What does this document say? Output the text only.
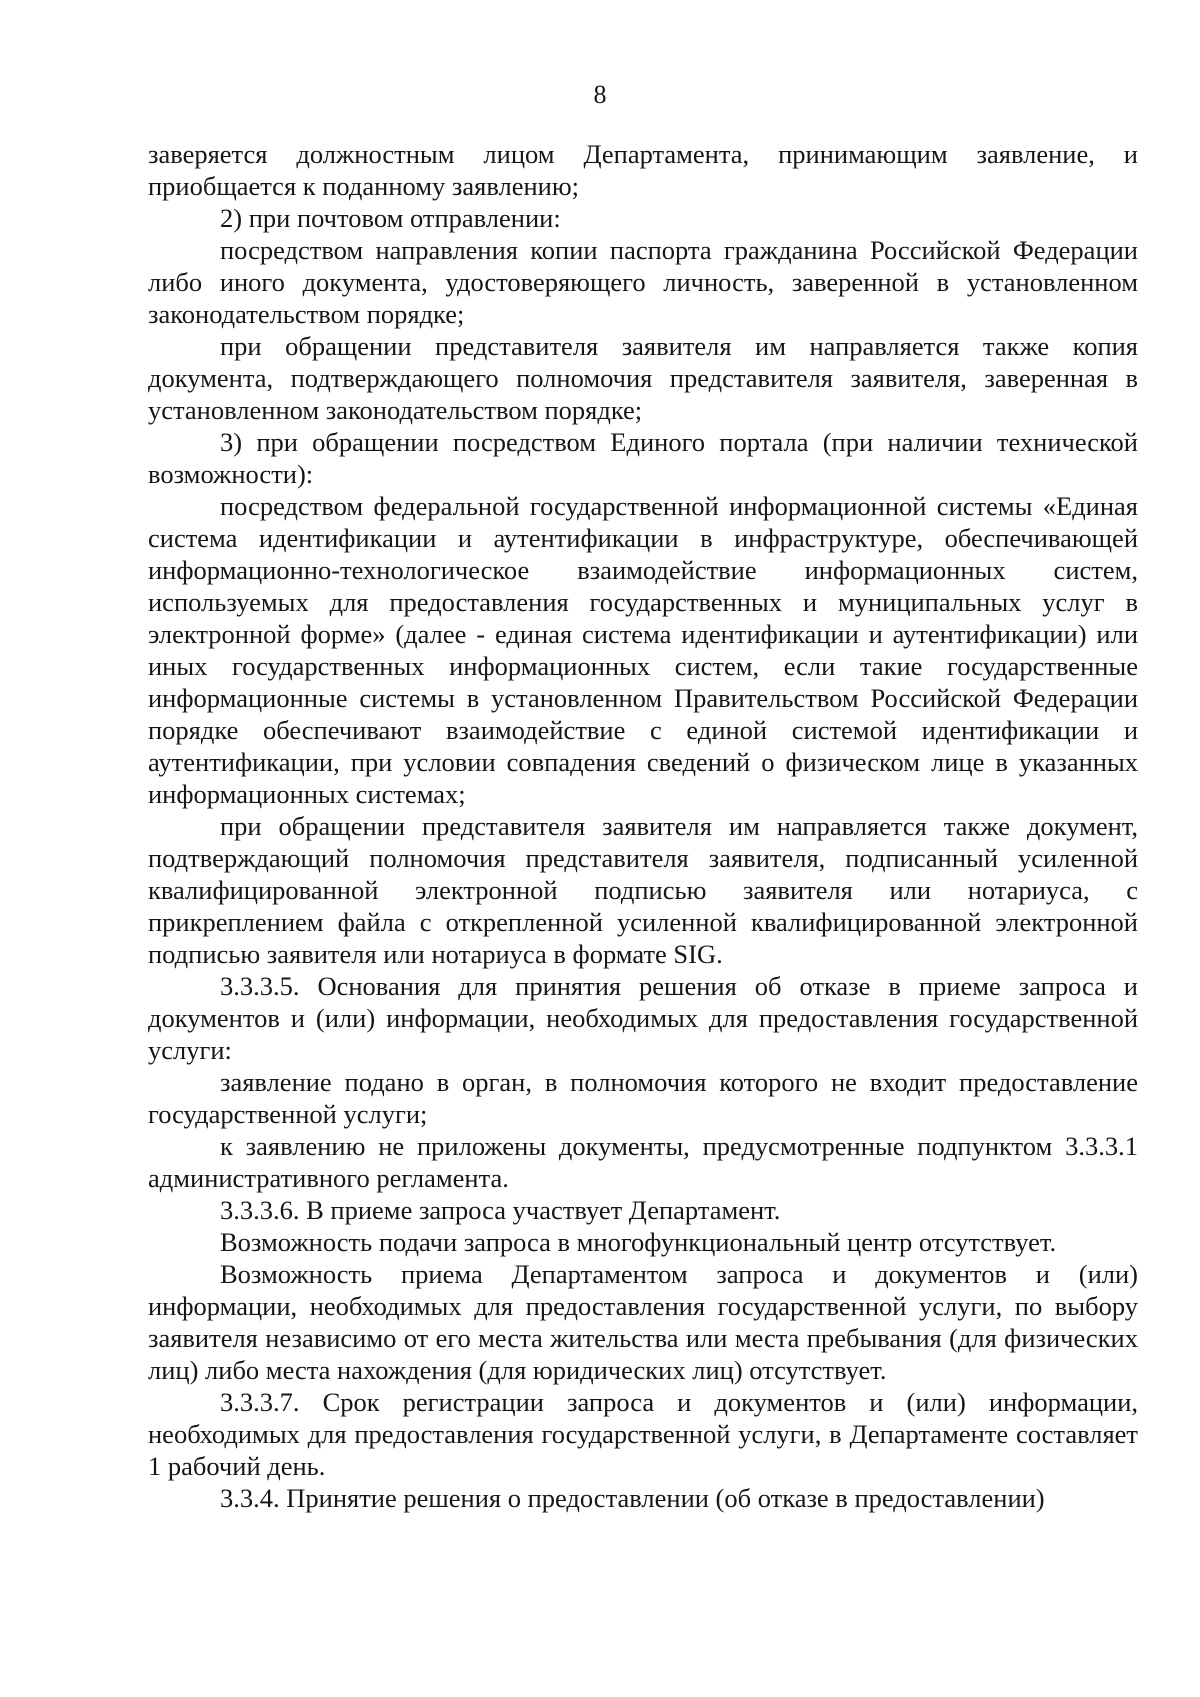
8

заверяется должностным лицом Департамента, принимающим заявление, и приобщается к поданному заявлению;

2) при почтовом отправлении:

посредством направления копии паспорта гражданина Российской Федерации либо иного документа, удостоверяющего личность, заверенной в установленном законодательством порядке;

при обращении представителя заявителя им направляется также копия документа, подтверждающего полномочия представителя заявителя, заверенная в установленном законодательством порядке;

3) при обращении посредством Единого портала (при наличии технической возможности):

посредством федеральной государственной информационной системы «Единая система идентификации и аутентификации в инфраструктуре, обеспечивающей информационно-технологическое взаимодействие информационных систем, используемых для предоставления государственных и муниципальных услуг в электронной форме» (далее - единая система идентификации и аутентификации) или иных государственных информационных систем, если такие государственные информационные системы в установленном Правительством Российской Федерации порядке обеспечивают взаимодействие с единой системой идентификации и аутентификации, при условии совпадения сведений о физическом лице в указанных информационных системах;

при обращении представителя заявителя им направляется также документ, подтверждающий полномочия представителя заявителя, подписанный усиленной квалифицированной электронной подписью заявителя или нотариуса, с прикреплением файла с открепленной усиленной квалифицированной электронной подписью заявителя или нотариуса в формате SIG.

3.3.3.5. Основания для принятия решения об отказе в приеме запроса и документов и (или) информации, необходимых для предоставления государственной услуги:

заявление подано в орган, в полномочия которого не входит предоставление государственной услуги;

к заявлению не приложены документы, предусмотренные подпунктом 3.3.3.1 административного регламента.

3.3.3.6. В приеме запроса участвует Департамент.

Возможность подачи запроса в многофункциональный центр отсутствует.

Возможность приема Департаментом запроса и документов и (или) информации, необходимых для предоставления государственной услуги, по выбору заявителя независимо от его места жительства или места пребывания (для физических лиц) либо места нахождения (для юридических лиц) отсутствует.

3.3.3.7. Срок регистрации запроса и документов и (или) информации, необходимых для предоставления государственной услуги, в Департаменте составляет 1 рабочий день.

3.3.4. Принятие решения о предоставлении (об отказе в предоставлении)
